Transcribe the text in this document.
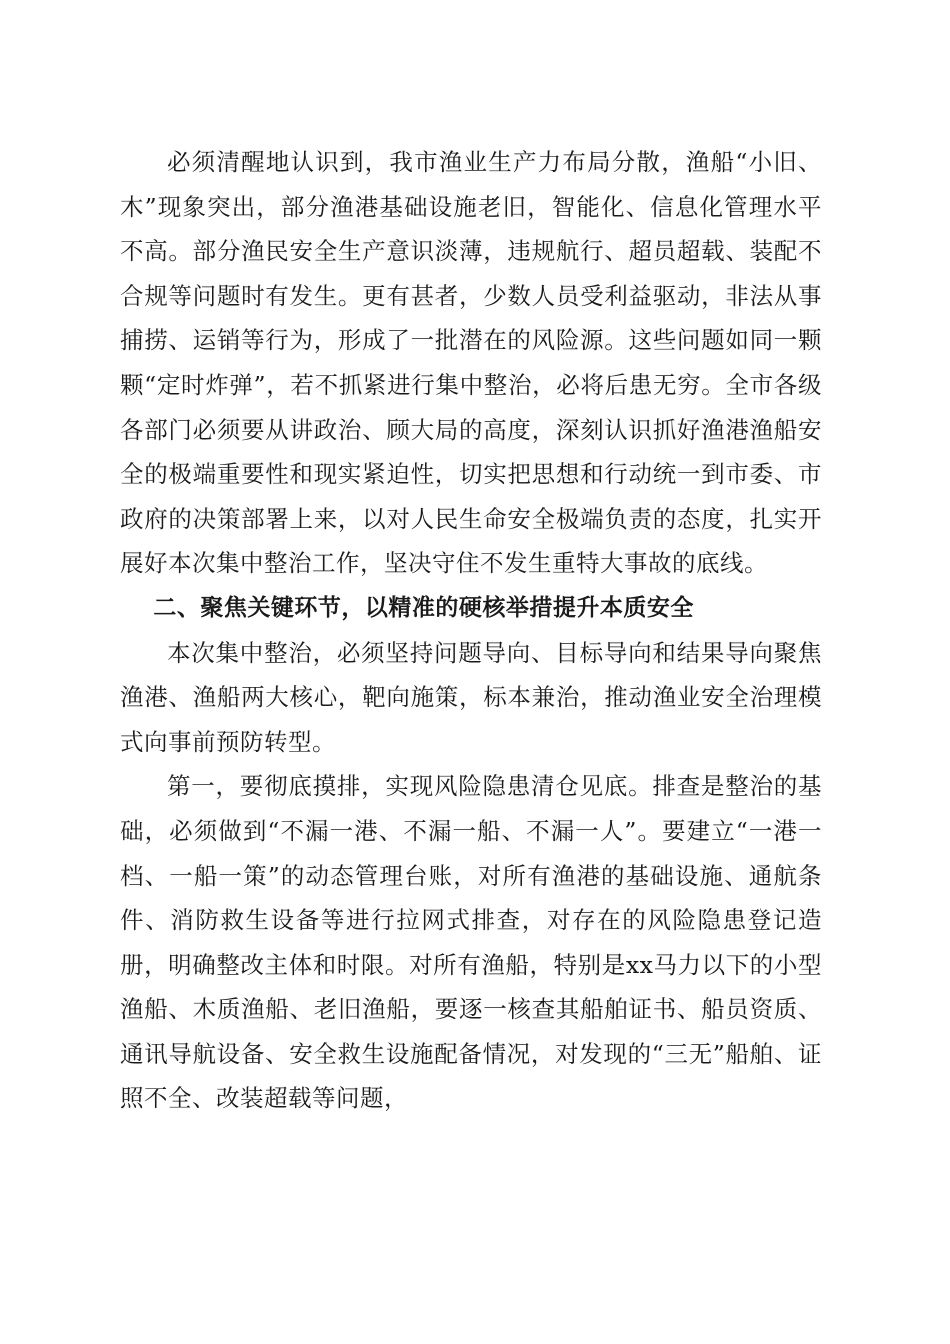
必须清醒地认识到，我市渔业生产力布局分散，渔船“小旧、木”现象突出，部分渔港基础设施老旧，智能化、信息化管理水平不高。部分渔民安全生产意识淡薄，违规航行、超员超载、装配不合规等问题时有发生。更有甚者，少数人员受利益驱动，非法从事捕捞、运销等行为，形成了一批潜在的风险源。这些问题如同一颗颗“定时炸弹”，若不抓紧进行集中整治，必将后患无穷。全市各级各部门必须要从讲政治、顾大局的高度，深刻认识抓好渔港渔船安全的极端重要性和现实紧迫性，切实把思想和行动统一到市委、市政府的决策部署上来，以对人民生命安全极端负责的态度，扎实开展好本次集中整治工作，坚决守住不发生重特大事故的底线。

二、聚焦关键环节，以精准的硬核举措提升本质安全

本次集中整治，必须坚持问题导向、目标导向和结果导向聚焦渔港、渔船两大核心，靶向施策，标本兼治，推动渔业安全治理模式向事前预防转型。

第一，要彻底摸排，实现风险隐患清仓见底。排查是整治的基础，必须做到“不漏一港、不漏一船、不漏一人”。要建立“一港一档、一船一策”的动态管理台账，对所有渔港的基础设施、通航条件、消防救生设备等进行拉网式排查，对存在的风险隐患登记造册，明确整改主体和时限。对所有渔船，特别是xx马力以下的小型渔船、木质渔船、老旧渔船，要逐一核查其船舶证书、船员资质、通讯导航设备、安全救生设施配备情况，对发现的“三无”船舶、证照不全、改装超载等问题，
